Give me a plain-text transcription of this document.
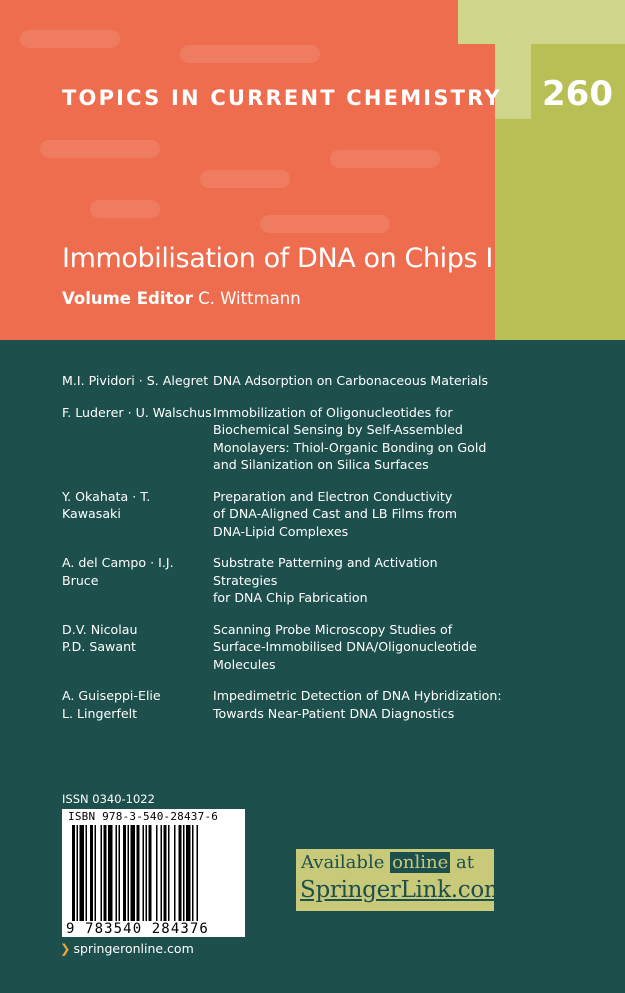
TOPICS IN CURRENT CHEMISTRY 260
Immobilisation of DNA on Chips I
Volume Editor C. Wittmann
M.I. Pividori · S. Alegret DNA Adsorption on Carbonaceous Materials
F. Luderer · U. Walschus Immobilization of Oligonucleotides for
Biochemical Sensing by Self-Assembled
Monolayers: Thiol-Organic Bonding on Gold
and Silanization on Silica Surfaces
Y. Okahata · T. Kawasaki
Preparation and Electron Conductivity
of DNA-Aligned Cast and LB Films from
DNA-Lipid Complexes
A. del Campo · I.J. Bruce
Substrate Patterning and Activation Strategies
for DNA Chip Fabrication
D.V. Nicolau
P.D. Sawant
Scanning Probe Microscopy Studies of
Surface-Immobilised DNA/Oligonucleotide
Molecules
A. Guiseppi-Elie
L. Lingerfelt
Impedimetric Detection of DNA Hybridization:
Towards Near-Patient DNA Diagnostics
ISSN 0340-1022
ISBN 978-3-540-28437-6
9 783540 284376
❯ springeronline.com
Available online at
SpringerLink.com
